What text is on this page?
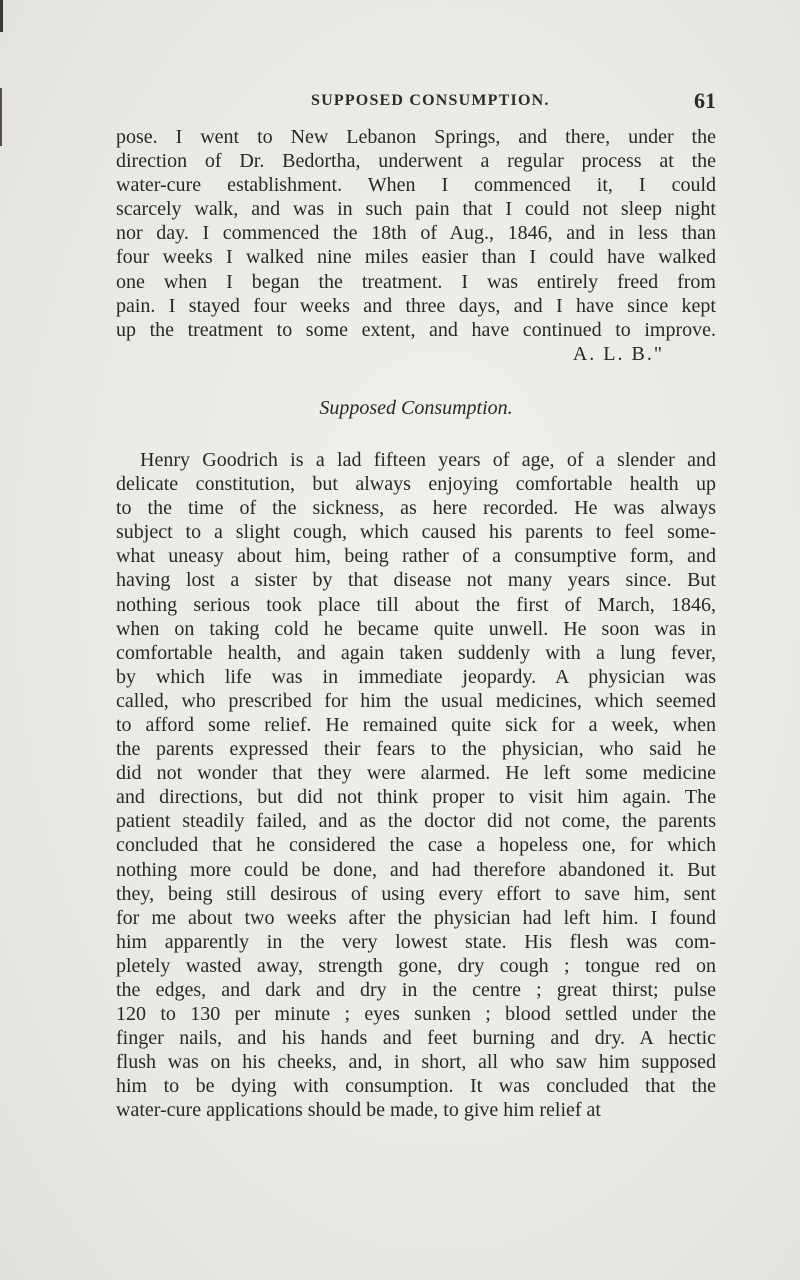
SUPPOSED CONSUMPTION.	61
pose. I went to New Lebanon Springs, and there, under the
direction of Dr. Bedortha, underwent a regular process at the
water-cure establishment. When I commenced it, I could
scarcely walk, and was in such pain that I could not sleep night
nor day. I commenced the 18th of Aug., 1846, and in less than
four weeks I walked nine miles easier than I could have walked
one when I began the treatment. I was entirely freed from
pain. I stayed four weeks and three days, and I have since kept
up the treatment to some extent, and have continued to improve.
A. L. B."
Supposed Consumption.
Henry Goodrich is a lad fifteen years of age, of a slender and
delicate constitution, but always enjoying comfortable health up
to the time of the sickness, as here recorded. He was always
subject to a slight cough, which caused his parents to feel some-
what uneasy about him, being rather of a consumptive form, and
having lost a sister by that disease not many years since. But
nothing serious took place till about the first of March, 1846,
when on taking cold he became quite unwell. He soon was in
comfortable health, and again taken suddenly with a lung fever,
by which life was in immediate jeopardy. A physician was
called, who prescribed for him the usual medicines, which seemed
to afford some relief. He remained quite sick for a week, when
the parents expressed their fears to the physician, who said he
did not wonder that they were alarmed. He left some medicine
and directions, but did not think proper to visit him again. The
patient steadily failed, and as the doctor did not come, the parents
concluded that he considered the case a hopeless one, for which
nothing more could be done, and had therefore abandoned it. But
they, being still desirous of using every effort to save him, sent
for me about two weeks after the physician had left him. I found
him apparently in the very lowest state. His flesh was com-
pletely wasted away, strength gone, dry cough ; tongue red on
the edges, and dark and dry in the centre ; great thirst; pulse
120 to 130 per minute ; eyes sunken ; blood settled under the
finger nails, and his hands and feet burning and dry. A hectic
flush was on his cheeks, and, in short, all who saw him supposed
him to be dying with consumption. It was concluded that the
water-cure applications should be made, to give him relief at
